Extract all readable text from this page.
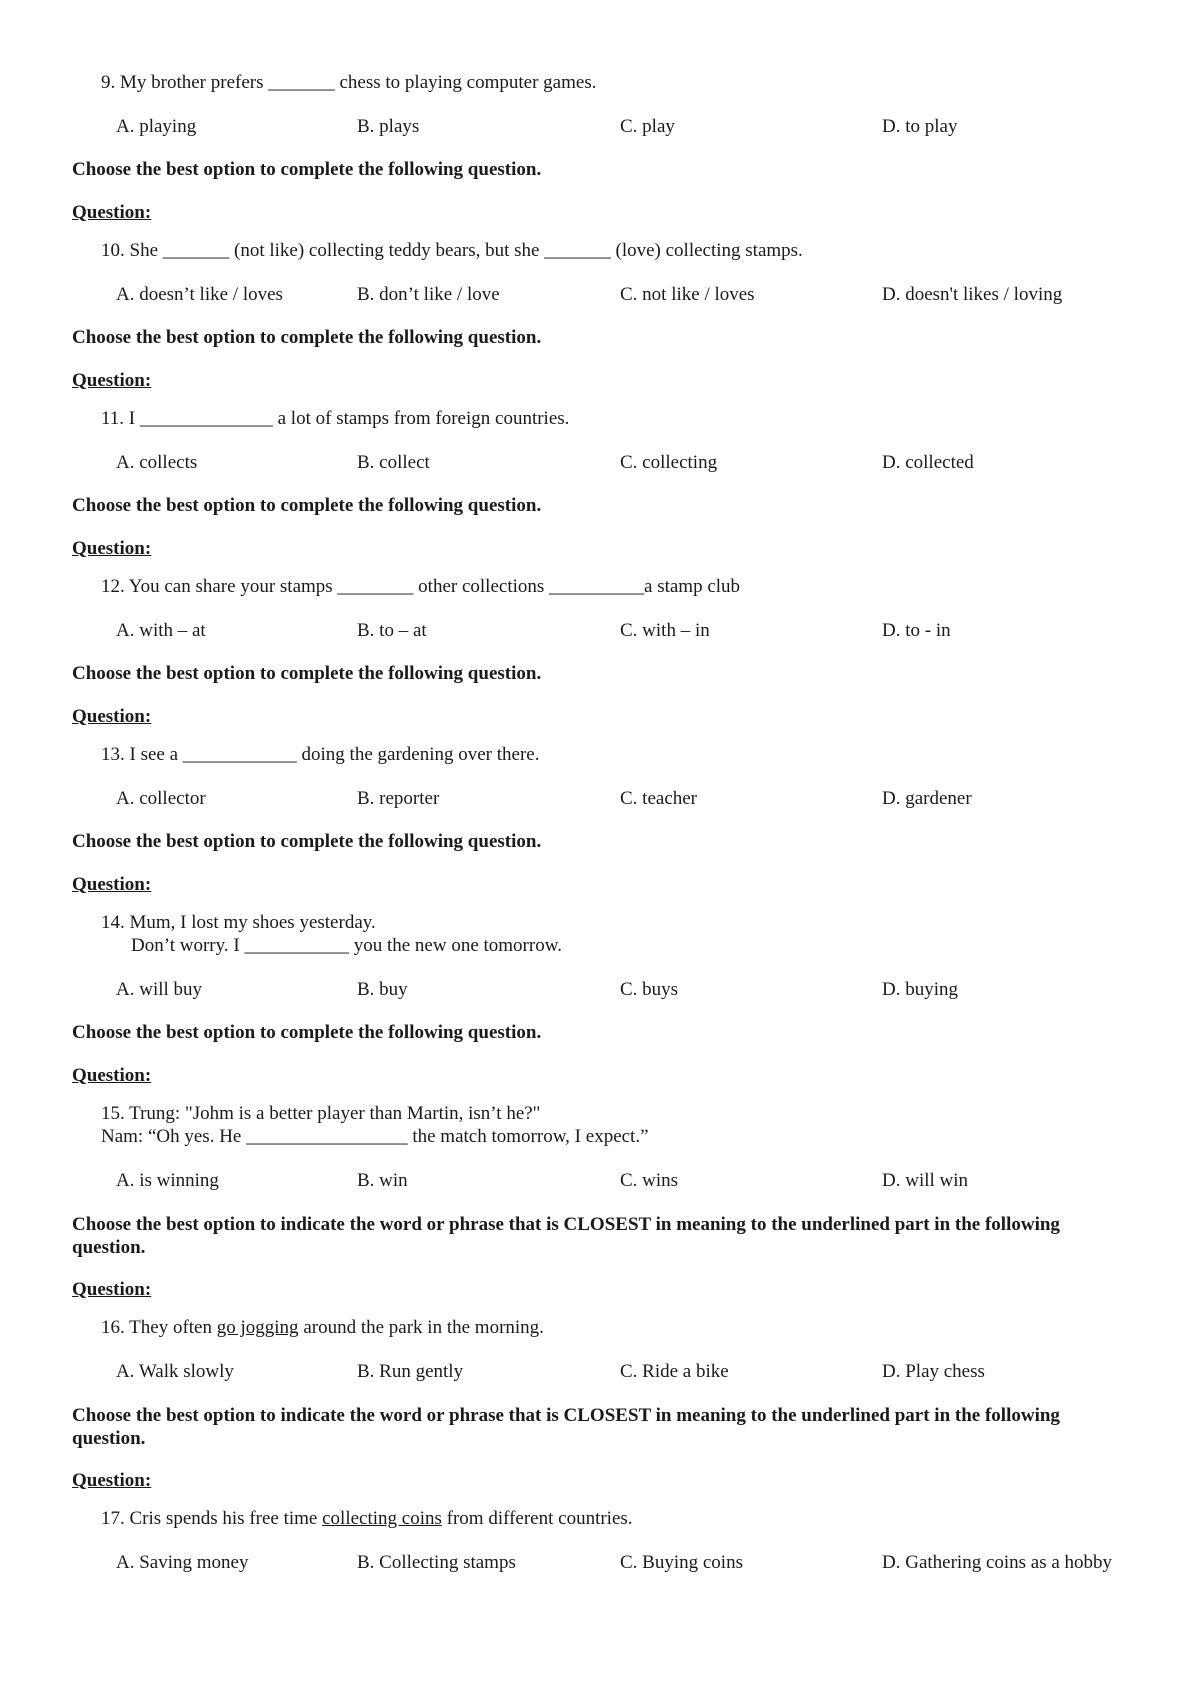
9. My brother prefers _______ chess to playing computer games.
A. playing	B. plays	C. play	D. to play
Choose the best option to complete the following question.
Question:
10. She _______ (not like) collecting teddy bears, but she _______ (love) collecting stamps.
A. doesn’t like / loves	B. don’t like / love	C. not like / loves	D. doesn't likes / loving
Choose the best option to complete the following question.
Question:
11. I ______________ a lot of stamps from foreign countries.
A. collects	B. collect	C. collecting	D. collected
Choose the best option to complete the following question.
Question:
12. You can share your stamps ________ other collections __________a stamp club
A. with – at	B. to – at	C. with – in	D. to - in
Choose the best option to complete the following question.
Question:
13. I see a ____________ doing the gardening over there.
A. collector	B. reporter	C. teacher	D. gardener
Choose the best option to complete the following question.
Question:
14. Mum, I lost my shoes yesterday.
Don’t worry. I ___________ you the new one tomorrow.
A. will buy	B. buy	C. buys	D. buying
Choose the best option to complete the following question.
Question:
15. Trung: "Johm is a better player than Martin, isn’t he?"
Nam: “Oh yes. He _________________ the match tomorrow, I expect.”
A. is winning	B. win	C. wins	D. will win
Choose the best option to indicate the word or phrase that is CLOSEST in meaning to the underlined part in the following question.
Question:
16. They often go jogging around the park in the morning.
A. Walk slowly	B. Run gently	C. Ride a bike	D. Play chess
Choose the best option to indicate the word or phrase that is CLOSEST in meaning to the underlined part in the following question.
Question:
17. Cris spends his free time collecting coins from different countries.
A. Saving money	B. Collecting stamps	C. Buying coins	D. Gathering coins as a hobby
